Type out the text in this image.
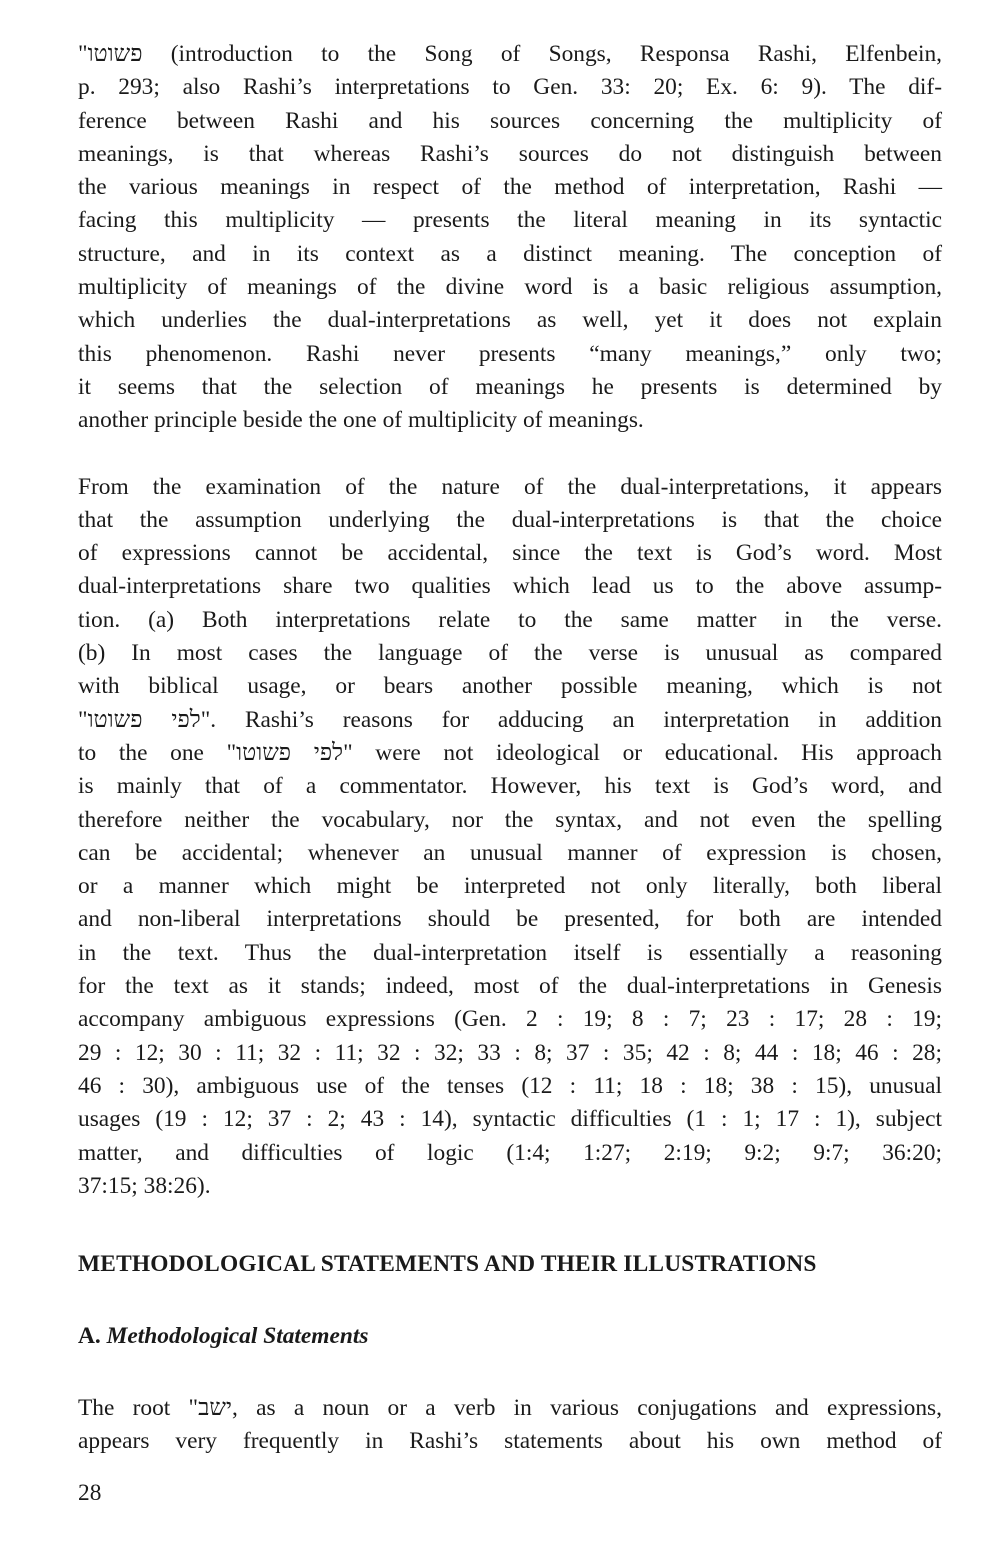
"פשוטו (introduction to the Song of Songs, Responsa Rashi, Elfenbein,
p. 293; also Rashi’s interpretations to Gen. 33: 20; Ex. 6: 9). The dif-
ference between Rashi and his sources concerning the multiplicity of
meanings, is that whereas Rashi’s sources do not distinguish between
the various meanings in respect of the method of interpretation, Rashi —
facing this multiplicity — presents the literal meaning in its syntactic
structure, and in its context as a distinct meaning. The conception of
multiplicity of meanings of the divine word is a basic religious assumption,
which underlies the dual-interpretations as well, yet it does not explain
this phenomenon. Rashi never presents “many meanings,” only two;
it seems that the selection of meanings he presents is determined by
another principle beside the one of multiplicity of meanings.

From the examination of the nature of the dual-interpretations, it appears
that the assumption underlying the dual-interpretations is that the choice
of expressions cannot be accidental, since the text is God’s word. Most
dual-interpretations share two qualities which lead us to the above assump-
tion. (a) Both interpretations relate to the same matter in the verse.
(b) In most cases the language of the verse is unusual as compared
with biblical usage, or bears another possible meaning, which is not
"לפי פשוטו". Rashi’s reasons for adducing an interpretation in addition
to the one "לפי פשוטו" were not ideological or educational. His approach
is mainly that of a commentator. However, his text is God’s word, and
therefore neither the vocabulary, nor the syntax, and not even the spelling
can be accidental; whenever an unusual manner of expression is chosen,
or a manner which might be interpreted not only literally, both liberal
and non-liberal interpretations should be presented, for both are intended
in the text. Thus the dual-interpretation itself is essentially a reasoning
for the text as it stands; indeed, most of the dual-interpretations in Genesis
accompany ambiguous expressions (Gen. 2 : 19; 8 : 7; 23 : 17; 28 : 19;
29 : 12; 30 : 11; 32 : 11; 32 : 32; 33 : 8; 37 : 35; 42 : 8; 44 : 18; 46 : 28;
46 : 30), ambiguous use of the tenses (12 : 11; 18 : 18; 38 : 15), unusual
usages (19 : 12; 37 : 2; 43 : 14), syntactic difficulties (1 : 1; 17 : 1), subject
matter, and difficulties of logic (1:4; 1:27; 2:19; 9:2; 9:7; 36:20;
37:15; 38:26).

METHODOLOGICAL STATEMENTS AND THEIR ILLUSTRATIONS
A. Methodological Statements

The root "ישב, as a noun or a verb in various conjugations and expressions,
appears very frequently in Rashi’s statements about his own method of

28
